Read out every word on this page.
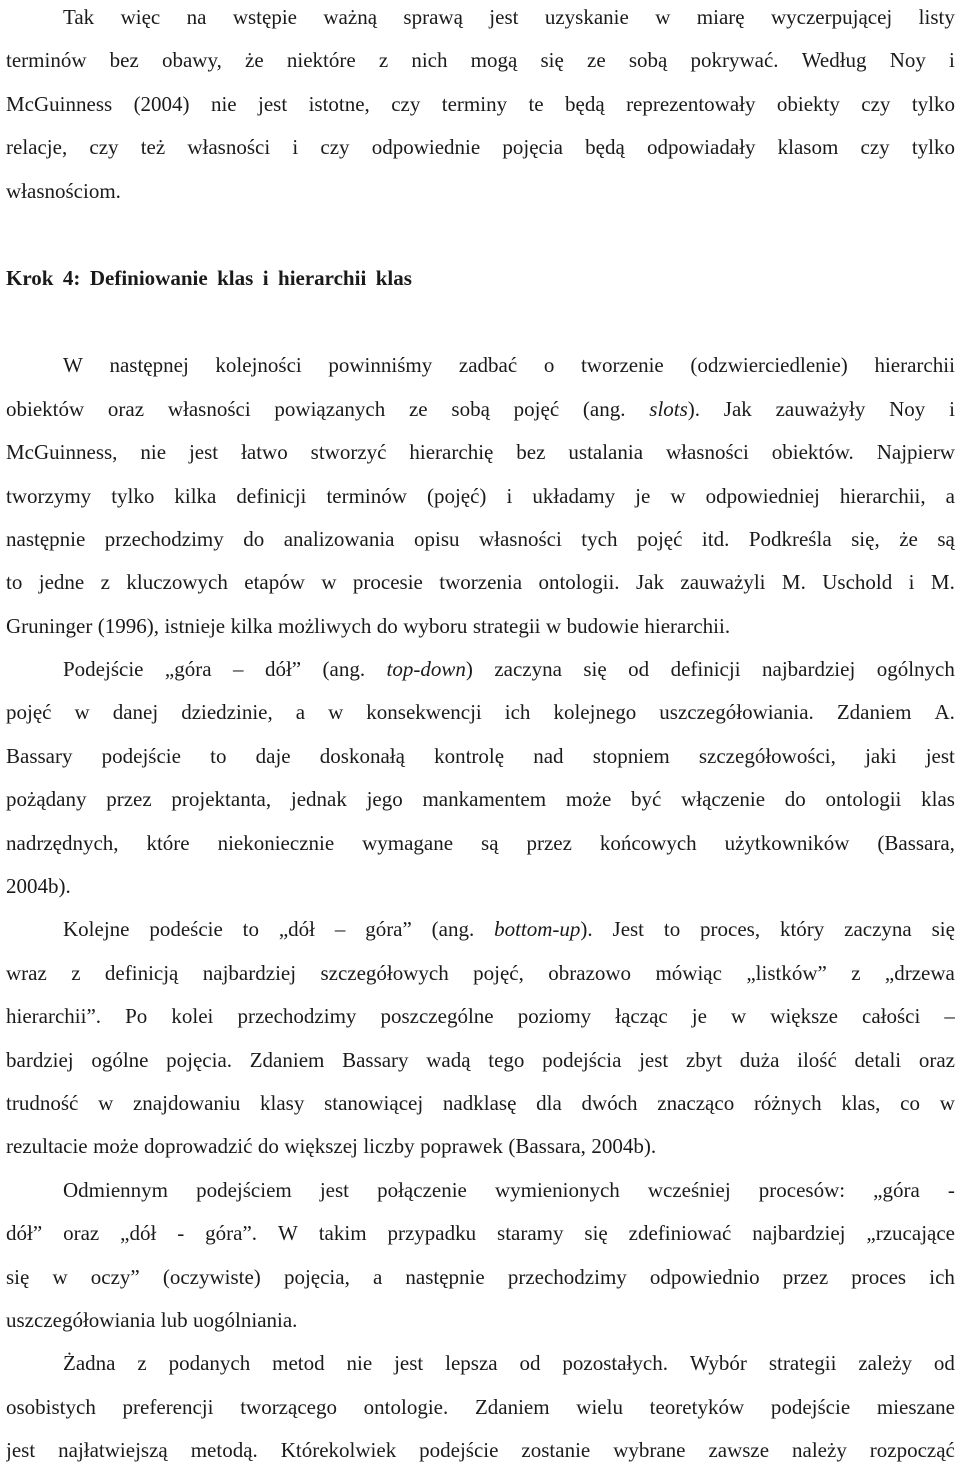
Tak więc na wstępie ważną sprawą jest uzyskanie w miarę wyczerpującej listy
terminów bez obawy, że niektóre z nich mogą się ze sobą pokrywać. Według Noy i
McGuinness (2004) nie jest istotne, czy terminy te będą reprezentowały obiekty czy tylko
relacje, czy też własności i czy odpowiednie pojęcia będą odpowiadały klasom czy tylko
własnościom.
Krok 4: Definiowanie klas i hierarchii klas
W następnej kolejności powinniśmy zadbać o tworzenie (odzwierciedlenie) hierarchii
obiektów oraz własności powiązanych ze sobą pojęć (ang. slots). Jak zauważyły Noy i
McGuinness, nie jest łatwo stworzyć hierarchię bez ustalania własności obiektów. Najpierw
tworzymy tylko kilka definicji terminów (pojęć) i układamy je w odpowiedniej hierarchii, a
następnie przechodzimy do analizowania opisu własności tych pojęć itd. Podkreśla się, że są
to jedne z kluczowych etapów w procesie tworzenia ontologii. Jak zauważyli M. Uschold i M.
Gruninger (1996), istnieje kilka możliwych do wyboru strategii w budowie hierarchii.
Podejście „góra – dół” (ang. top-down) zaczyna się od definicji najbardziej ogólnych
pojęć w danej dziedzinie, a w konsekwencji ich kolejnego uszczegółowiania. Zdaniem A.
Bassary podejście to daje doskonałą kontrolę nad stopniem szczegółowości, jaki jest
pożądany przez projektanta, jednak jego mankamentem może być włączenie do ontologii klas
nadrzędnych, które niekoniecznie wymagane są przez końcowych użytkowników (Bassara,
2004b).
Kolejne podeście to „dół – góra” (ang. bottom-up). Jest to proces, który zaczyna się
wraz z definicją najbardziej szczegółowych pojęć, obrazowo mówiąc „listków” z „drzewa
hierarchii”. Po kolei przechodzimy poszczególne poziomy łącząc je w większe całości –
bardziej ogólne pojęcia. Zdaniem Bassary wadą tego podejścia jest zbyt duża ilość detali oraz
trudność w znajdowaniu klasy stanowiącej nadklasę dla dwóch znacząco różnych klas, co w
rezultacie może doprowadzić do większej liczby poprawek (Bassara, 2004b).
Odmiennym podejściem jest połączenie wymienionych wcześniej procesów: „góra -
dół” oraz „dół - góra”. W takim przypadku staramy się zdefiniować najbardziej „rzucające
się w oczy” (oczywiste) pojęcia, a następnie przechodzimy odpowiednio przez proces ich
uszczegółowiania lub uogólniania.
Żadna z podanych metod nie jest lepsza od pozostałych. Wybór strategii zależy od
osobistych preferencji tworzącego ontologie. Zdaniem wielu teoretyków podejście mieszane
jest najłatwiejszą metodą. Którekolwiek podejście zostanie wybrane zawsze należy rozpocząć
